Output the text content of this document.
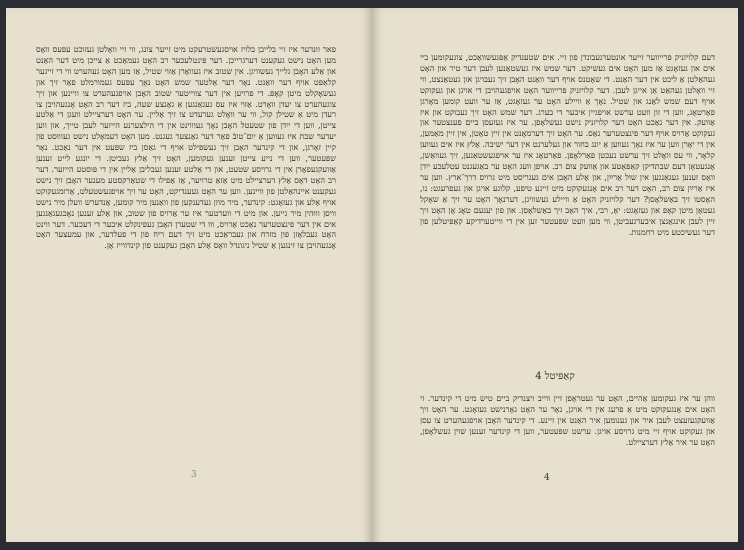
פאר ווּנדער איז זיי בלייבן בלויז אויסגעשטרעקט מיט זייער צונג, ווי זיי וואָלטן געזוכט עפּעס וואָס מען האָט נישט געקענט דערגרייכן. דער פּינטלעכער רב האָט געמאַכט אַ צייכן מיט דער האַנט און אַלע האָבן גלייך געשוויגן. אין שטוב איז געוואָרן אַזוי שטיל, אַז מען האָט געהערט ווי די זייגער קלאַפּט אויף דער וואַנט. נאָר דער אַלטער שמש האָט נאָך עפּעס געמורמלט פאַר זיך און געשאָקלט מיטן קאָפּ. די פרויען אין דער צווייטער שטוב האָבן אויפגעהערט צו וויינען און זיך צוגעהערט צו יעדן וואָרט. אַזוי איז עס געגאַנגען אַ גאַנצע שעה, ביז דער רב האָט אָנגעהויבן צו רעדן מיט אַ שטילן קול, ווי ער וואָלט גערעדט צו זיך אַליין. ער האָט דערציילט וועגן די אַלטע צייטן, ווען די ייִדן פון שטעטל האָבן נאָך געוווינט אין די הילצערנע הייזער לעבן טייך, און ווען יעדער שבת איז געווען אַ יום־טובֿ פאַר דער גאַנצער געגנט. מען האָט דעמאָלט נישט געוווּסט פון קיין זאָרגן, און די קינדער האָבן זיך געשפּילט אויף די גאַסן ביז שפּעט אין דער נאַכט. נאָר שפּעטער, ווען די נייע צייטן זענען געקומען, האָט זיך אַלץ געביטן. די יונגע לייט זענען אַוועקגעפאָרן אין די גרויסע שטעט, און די אַלטע זענען געבליבן אַליין אין די פּוסטע הייזער. דער רב האָט דאָס אַלץ דערציילט מיט אַזאַ טרויער, אַז אַפילו די שטאַרקסטע מענער האָבן זיך נישט געקענט איינהאַלטן פון וויינען. ווען ער האָט געענדיקט, האָט ער זיך אויפגעשטעלט, אַרומגעקוקט אויף אַלע און געזאָגט: קינדער, מיר מוזן געדענקען פון וואַנען מיר קומען, אַנדערש וועלן מיר נישט וויסן וווּהין מיר גייען. און מיט די ווערטער איז ער אַרויס פון שטוב, און אַלע זענען נאָכגעגאַנגען אים אין דער פינצטערער נאַכט אַרויס, ווו די שטערן האָבן געפינקלט איבער די דעכער. דער ווינט האָט געבלאָזן פון מזרח און געבראַכט מיט זיך דעם ריח פון די פעלדער, און עמעצער האָט אָנגעהויבן צו זינגען אַ שטיל ניגונדל וואָס אַלע האָבן געקענט פון קינדווייז אָן.
3
דעם קלויזניק פּרייווער זייער אונטערגעבונדן פון זיי. אים שטענדיק אַפּגעשוואַכט, צוגעקומען ביי אים און געזאָגט אַז מען האָט אים געשיקט. דער שמש איז געשטאַנען לעבן דער טיר און האָט געהאַלטן אַ ליכט אין דער האַנט. די שאָטנס אויף דער וואַנט האָבן זיך געבויגן און געטאַנצט, ווי זיי וואָלטן געהאַט אַן אייגן לעבן. דער קלויזניק פּרייווער האָט אויפגעהויבן די אויגן און געקוקט אויף דעם שמש לאַנג און שטיל. נאָך אַ וויילע האָט ער געזאָגט, אַז ער וועט קומען מאָרגן פאַרטאָג, ווען די זון וועט ערשט אויפגיין איבער די בערג. דער שמש האָט זיך געבוקט און איז אַוועק. אין דער נאַכט האָט דער קלויזניק נישט געשלאָפן. ער איז געזעסן ביים פענצטער און געקוקט אַרויס אויף דער פינצטערער גאַס. ער האָט זיך דערמאָנט אין זיין טאַטן, אין זיין מאַמען, אין די יאָרן ווען ער איז נאָך געווען אַ יונג בחור און געלערנט אין דער ישיבה. אַלץ איז אים געווען קלאָר, ווי עס וואָלט זיך ערשט נעכטן פאַרלאָפן. פאַרטאָג איז ער אויפגעשטאַנען, זיך געוואַשן, אָנגעטאָן דעם שבתדיקן קאַפּאָטע און אַוועק צום רב. אויפן וועג האָט ער באַגעגנט עטלעכע ייִדן וואָס זענען געגאַנגען אין שול אַרײַן, און אַלע האָבן אים געגריסט מיט גרויס דרך־ארץ. ווען ער איז אַרײַן צום רב, האָט דער רב אים אָנגעקוקט מיט זיינע טיפע, קלוגע אויגן און געפרעגט: נו, האָסטו זיך באַשלאָסן? דער קלויזניק האָט אַ וויילע געשוויגן, דערנאָך האָט ער זיך אַ שאָקל געטאָן מיטן קאָפּ און געזאָגט: יאָ, רבי, איך האָב זיך באַשלאָסן. און פון יענעם טאָג אָן האָט זיך זיין לעבן אינגאַנצן איבערגעביטן, ווי מען וועט שפּעטער זען אין די ווייטערדיקע קאַפּיטלען פון דער געשיכטע מיט רחמנות.
קאַפּיטל 4
ווהן ער איז געקומען אַהיים, האָט ער געטראָפן זיין ווייב זיצנדיק ביים טיש מיט די קינדער. זי האָט אים אָנגעקוקט מיט אַ פרעג אין די אויגן, נאָר ער האָט גאָרנישט געזאָגט. ער האָט זיך אַוועקגעזעצט לעבן איר און גענומען איר האַנט אין זיינע. די קינדער האָבן אויפגעהערט צו עסן און געקוקט אויף זיי מיט גרויסע אויגן. ערשט שפּעטער, ווען די קינדער זענען שוין געשלאָפן, האָט ער איר אַלץ דערציילט.
4
